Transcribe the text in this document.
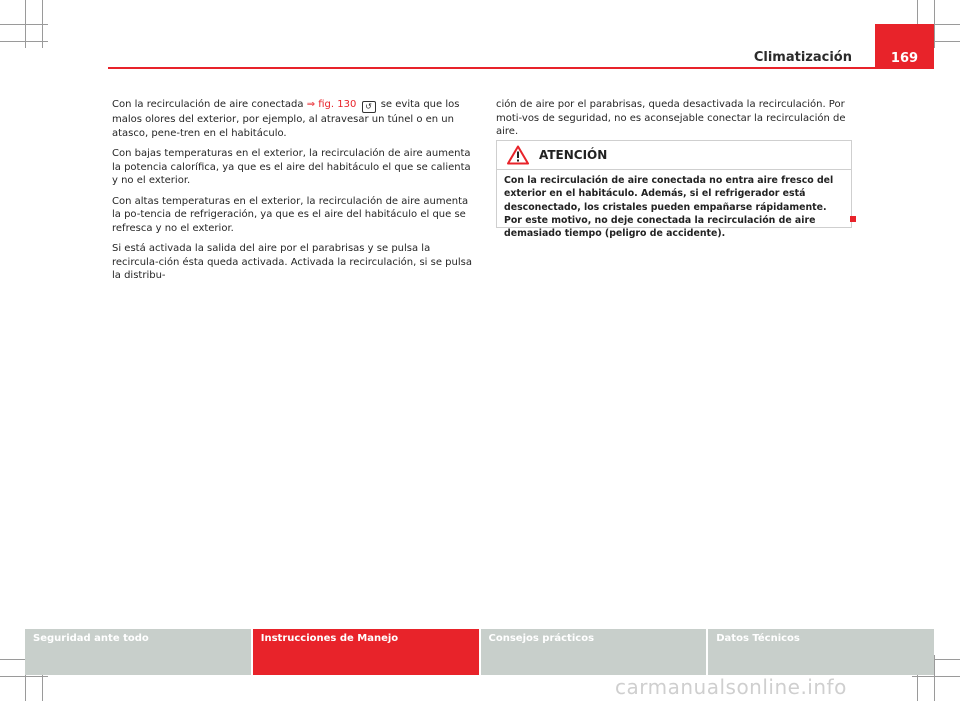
Climatización	169

Con la recirculación de aire conectada ⇒ fig. 130 ↺ se evita que los malos olores del exterior, por ejemplo, al atravesar un túnel o en un atasco, pene-tren en el habitáculo.

Con bajas temperaturas en el exterior, la recirculación de aire aumenta la potencia calorífica, ya que es el aire del habitáculo el que se calienta y no el exterior.

Con altas temperaturas en el exterior, la recirculación de aire aumenta la po-tencia de refrigeración, ya que es el aire del habitáculo el que se refresca y no el exterior.

Si está activada la salida del aire por el parabrisas y se pulsa la recircula-ción ésta queda activada. Activada la recirculación, si se pulsa la distribu-

ción de aire por el parabrisas, queda desactivada la recirculación. Por moti-vos de seguridad, no es aconsejable conectar la recirculación de aire.

ATENCIÓN
Con la recirculación de aire conectada no entra aire fresco del exterior en el habitáculo. Además, si el refrigerador está desconectado, los cristales pueden empañarse rápidamente. Por este motivo, no deje conectada la recirculación de aire demasiado tiempo (peligro de accidente).
Seguridad ante todo	Instrucciones de Manejo	Consejos prácticos	Datos Técnicos
carmanualsonline.info
